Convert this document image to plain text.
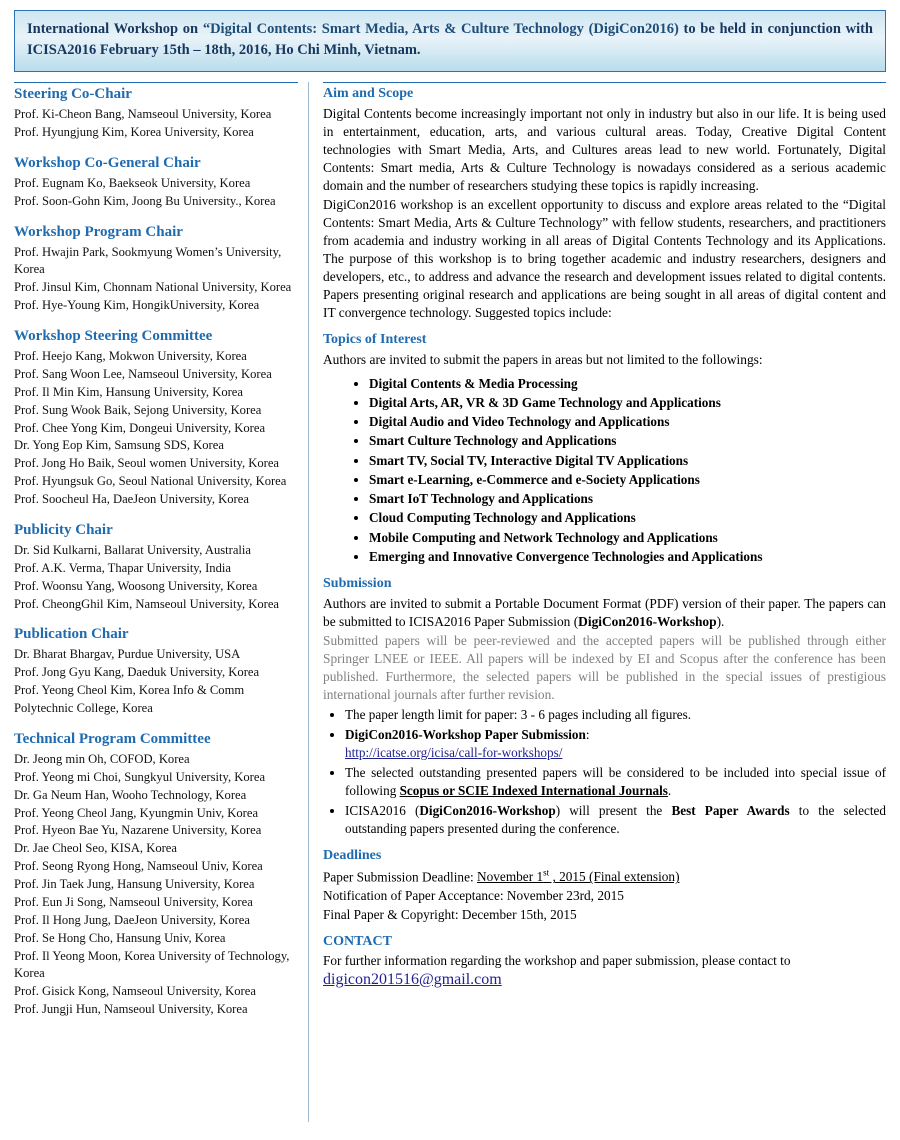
International Workshop on “Digital Contents: Smart Media, Arts & Culture Technology (DigiCon2016) to be held in conjunction with ICISA2016 February 15th – 18th, 2016, Ho Chi Minh, Vietnam.
Steering Co-Chair
Prof. Ki-Cheon Bang, Namseoul University, Korea
Prof. Hyungjung Kim, Korea University, Korea
Workshop Co-General Chair
Prof. Eugnam Ko, Baekseok University, Korea
Prof. Soon-Gohn Kim, Joong Bu University., Korea
Workshop Program Chair
Prof. Hwajin Park, Sookmyung Women’s University, Korea
Prof. Jinsul Kim, Chonnam National University, Korea
Prof. Hye-Young Kim, HongikUniversity, Korea
Workshop Steering Committee
Prof. Heejo Kang, Mokwon University, Korea
Prof. Sang Woon Lee, Namseoul University, Korea
Prof. Il Min Kim, Hansung University, Korea
Prof. Sung Wook Baik, Sejong University, Korea
Prof. Chee Yong Kim, Dongeui University, Korea
Dr. Yong Eop Kim, Samsung SDS, Korea
Prof. Jong Ho Baik, Seoul women University, Korea
Prof. Hyungsuk Go, Seoul National University, Korea
Prof. Soocheul Ha, DaeJeon University, Korea
Publicity Chair
Dr. Sid Kulkarni, Ballarat University, Australia
Prof. A.K. Verma, Thapar University, India
Prof. Woonsu Yang, Woosong University, Korea
Prof. CheongGhil Kim, Namseoul University, Korea
Publication Chair
Dr. Bharat Bhargav, Purdue University, USA
Prof. Jong Gyu Kang, Daeduk University, Korea
Prof. Yeong Cheol Kim, Korea Info & Comm Polytechnic College, Korea
Technical Program Committee
Dr. Jeong min Oh, COFOD, Korea
Prof. Yeong mi Choi, Sungkyul University, Korea
Dr. Ga Neum Han, Wooho Technology, Korea
Prof. Yeong Cheol Jang, Kyungmin Univ, Korea
Prof. Hyeon Bae Yu, Nazarene University, Korea
Dr. Jae Cheol Seo, KISA, Korea
Prof. Seong Ryong Hong, Namseoul Univ, Korea
Prof. Jin Taek Jung, Hansung University, Korea
Prof. Eun Ji Song, Namseoul University, Korea
Prof. Il Hong Jung, DaeJeon University, Korea
Prof. Se Hong Cho, Hansung Univ, Korea
Prof. Il Yeong Moon, Korea University of Technology, Korea
Prof. Gisick Kong, Namseoul University, Korea
Prof. Jungji Hun, Namseoul University, Korea
Aim and Scope

Digital Contents become increasingly important not only in industry but also in our life. It is being used in entertainment, education, arts, and various cultural areas. Today, Creative Digital Content technologies with Smart Media, Arts, and Cultures areas lead to new world. Fortunately, Digital Contents: Smart media, Arts & Culture Technology is nowadays considered as a serious academic domain and the number of researchers studying these topics is rapidly increasing.

DigiCon2016 workshop is an excellent opportunity to discuss and explore areas related to the “Digital Contents: Smart Media, Arts & Culture Technology” with fellow students, researchers, and practitioners from academia and industry working in all areas of Digital Contents Technology and its Applications. The purpose of this workshop is to bring together academic and industry researchers, designers and developers, etc., to address and advance the research and development issues related to digital contents. Papers presenting original research and applications are being sought in all areas of digital content and IT convergence technology. Suggested topics include:

Topics of Interest
Authors are invited to submit the papers in areas but not limited to the followings:
• Digital Contents & Media Processing
• Digital Arts, AR, VR & 3D Game Technology and Applications
• Digital Audio and Video Technology and Applications
• Smart Culture Technology and Applications
• Smart TV, Social TV, Interactive Digital TV Applications
• Smart e-Learning, e-Commerce and e-Society Applications
• Smart IoT Technology and Applications
• Cloud Computing Technology and Applications
• Mobile Computing and Network Technology and Applications
• Emerging and Innovative Convergence Technologies and Applications
Submission

Authors are invited to submit a Portable Document Format (PDF) version of their paper. The papers can be submitted to ICISA2016 Paper Submission (DigiCon2016-Workshop).

Submitted papers will be peer-reviewed and the accepted papers will be published through either Springer LNEE or IEEE. All papers will be indexed by EI and Scopus after the conference has been published. Furthermore, the selected papers will be published in the special issues of prestigious international journals after further revision.

• The paper length limit for paper: 3 - 6 pages including all figures.
• DigiCon2016-Workshop Paper Submission:
http://icatse.org/icisa/call-for-workshops/
• The selected outstanding presented papers will be considered to be included into special issue of following Scopus or SCIE Indexed International Journals.
• ICISA2016 (DigiCon2016-Workshop) will present the Best Paper Awards to the selected outstanding papers presented during the conference.
Deadlines
Paper Submission Deadline: November 1st , 2015 (Final extension)
Notification of Paper Acceptance: November 23rd, 2015
Final Paper & Copyright: December 15th, 2015
CONTACT
For further information regarding the workshop and paper submission, please contact to
digicon201516@gmail.com
